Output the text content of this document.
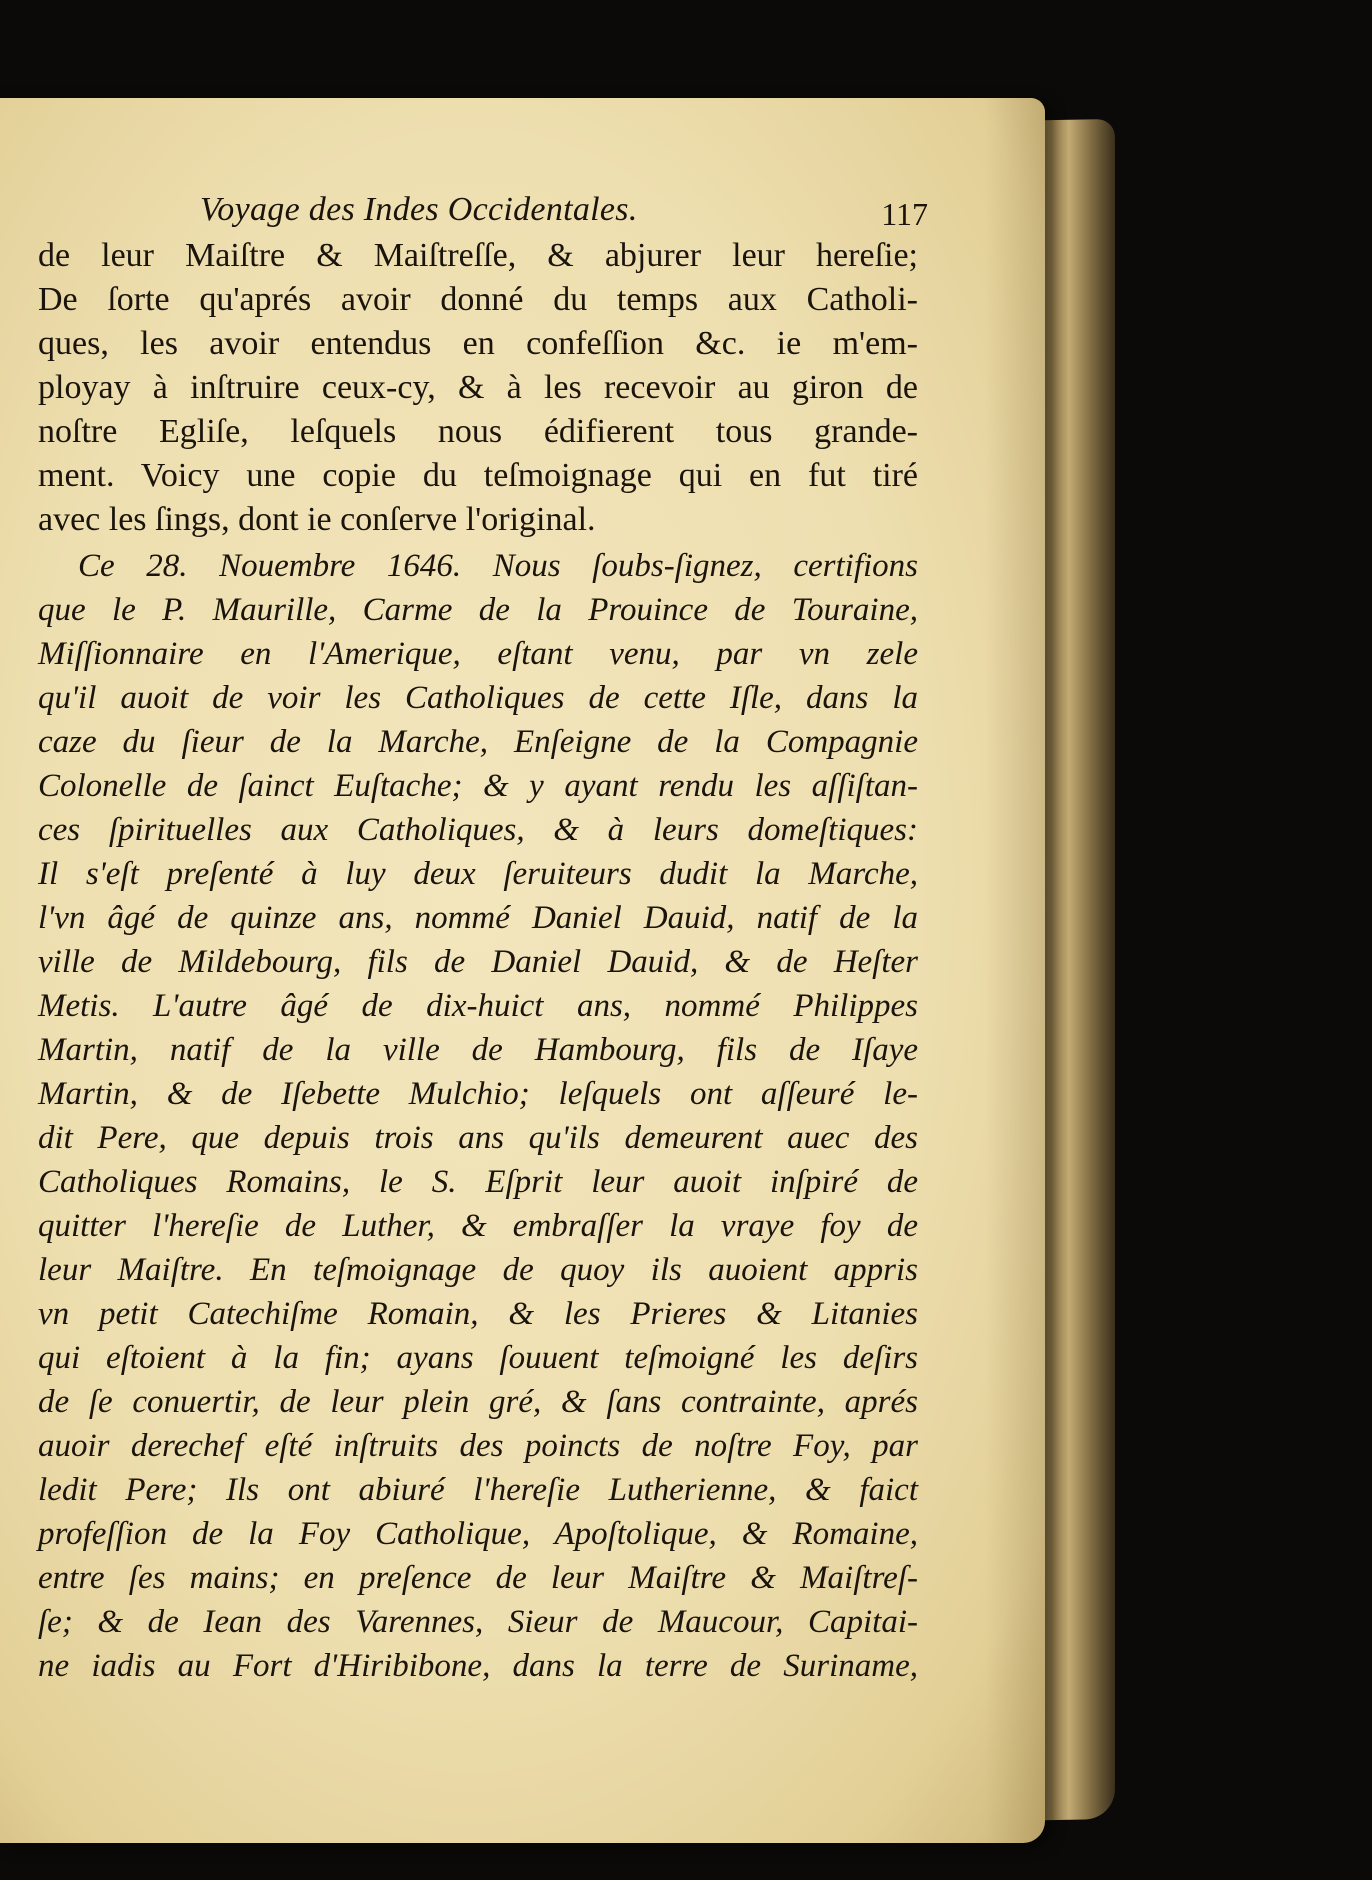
Voyage des Indes Occidentales.	117
de leur Maiſtre & Maiſtreſſe, & abjurer leur hereſie;
De ſorte qu'aprés avoir donné du temps aux Catholi-
ques, les avoir entendus en confeſſion &c. ie m'em-
ployay à inſtruire ceux-cy, & à les recevoir au giron de
noſtre Egliſe, leſquels nous édifierent tous grande-
ment. Voicy une copie du teſmoignage qui en fut tiré
avec les ſings, dont ie conſerve l'original.
Ce 28. Nouembre 1646. Nous ſoubs-ſignez, certifions
que le P. Maurille, Carme de la Prouince de Touraine,
Miſſionnaire en l'Amerique, eſtant venu, par vn zele
qu'il auoit de voir les Catholiques de cette Iſle, dans la
caze du ſieur de la Marche, Enſeigne de la Compagnie
Colonelle de ſainct Euſtache; & y ayant rendu les aſſiſtan-
ces ſpirituelles aux Catholiques, & à leurs domeſtiques:
Il s'eſt preſenté à luy deux ſeruiteurs dudit la Marche,
l'vn âgé de quinze ans, nommé Daniel Dauid, natif de la
ville de Mildebourg, fils de Daniel Dauid, & de Heſter
Metis. L'autre âgé de dix-huict ans, nommé Philippes
Martin, natif de la ville de Hambourg, fils de Iſaye
Martin, & de Iſebette Mulchio; leſquels ont aſſeuré le-
dit Pere, que depuis trois ans qu'ils demeurent auec des
Catholiques Romains, le S. Eſprit leur auoit inſpiré de
quitter l'hereſie de Luther, & embraſſer la vraye foy de
leur Maiſtre. En teſmoignage de quoy ils auoient appris
vn petit Catechiſme Romain, & les Prieres & Litanies
qui eſtoient à la fin; ayans ſouuent teſmoigné les deſirs
de ſe conuertir, de leur plein gré, & ſans contrainte, aprés
auoir derechef eſté inſtruits des poincts de noſtre Foy, par
ledit Pere; Ils ont abiuré l'hereſie Lutherienne, & faict
profeſſion de la Foy Catholique, Apoſtolique, & Romaine,
entre ſes mains; en preſence de leur Maiſtre & Maiſtreſ-
ſe; & de Iean des Varennes, Sieur de Maucour, Capitai-
ne iadis au Fort d'Hiribibone, dans la terre de Suriname,
